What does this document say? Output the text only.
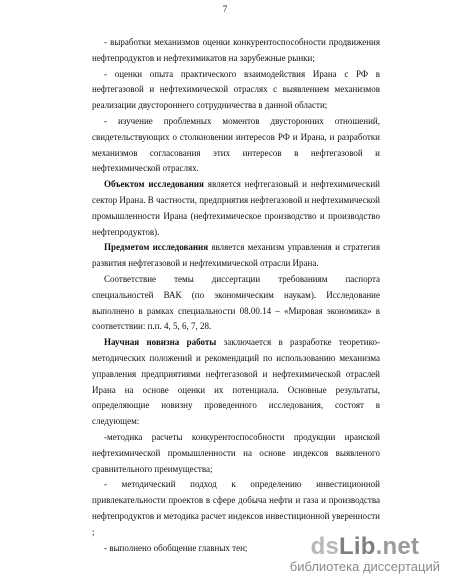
7

- выработки механизмов оценки конкурентоспособности продвижения нефтепродуктов и нефтехимикатов на зарубежные рынки;

- оценки опыта практического взаимодействия Ирана с РФ в нефтегазовой и нефтехимической отраслях с выявлением механизмов реализации двустороннего сотрудничества в данной области;

- изучение проблемных моментов двусторонних отношений, свидетельствующих о столкновении интересов РФ и Ирана, и разработки механизмов согласования этих интересов в нефтегазовой и нефтехимической отраслях.

Объектом исследования является нефтегазовый и нефтехимический сектор Ирана. В частности, предприятия нефтегазовой и нефтехимической промышленности Ирана (нефтехимическое производство и производство нефтепродуктов).

Предметом исследования является механизм управления и стратегия развития нефтегазовой и нефтехимической отрасли Ирана.

Соответствие темы диссертации требованиям паспорта специальностей ВАК (по экономическим наукам). Исследование выполнено в рамках специальности 08.00.14 – «Мировая экономика» в соответствии: п.п. 4, 5, 6, 7, 28.

Научная новизна работы заключается в разработке теоретико-методических положений и рекомендаций по использованию механизма управления предприятиями нефтегазовой и нефтехимической отраслей Ирана на основе оценки их потенциала. Основные результаты, определяющие новизну проведенного исследования, состоят в следующем:

-методика расчеты конкурентоспособности продукции иранской нефтехимической промышленности на основе индексов выявленого сравнительного преимущества;

- методический подход к определению инвестиционной привлекательности проектов в сфере добыча нефти и газа и производства нефтепродуктов и методика расчет индексов инвестиционной уверенности ;

- выполнено обобщение главных тен;	dsLib.net
библиотека диссертаций
